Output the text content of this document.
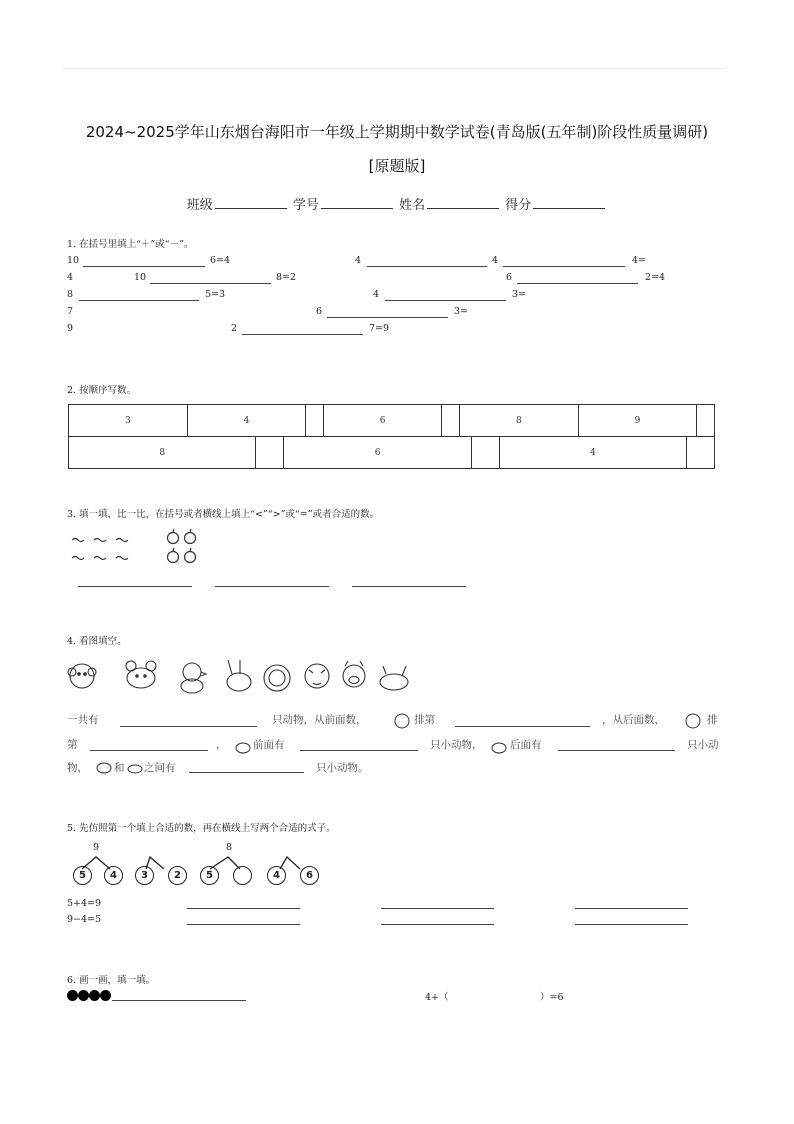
2024~2025学年山东烟台海阳市一年级上学期期中数学试卷(青岛版(五年制)阶段性质量调研)
[原题版]
班级	学号	姓名	得分
1. 在括号里填上“＋”或“－”。
10	6=4	4	4	4=
4	10	8=2	6	2=4
8	5=3	4	3=
7	6	3=
9	2	7=9
2. 按顺序写数。
3	4		6		8	9	
8		6		4	
3. 填一填，比一比，在括号或者横线上填上“<”“>”或“=”或者合适的数。
4. 看图填空。
一共有	只动物，从前面数，	排第	，从后面数，	排
第	，	前面有	只小动物，	后面有	只小动
物， 和 之间有	只小动物。
5. 先仿照第一个填上合适的数，再在横线上写两个合适的式子。
9	8
5	4	3	2	5	4	6
5+4=9
9−4=5
6. 画一画，填一填。
4+（	）=6
